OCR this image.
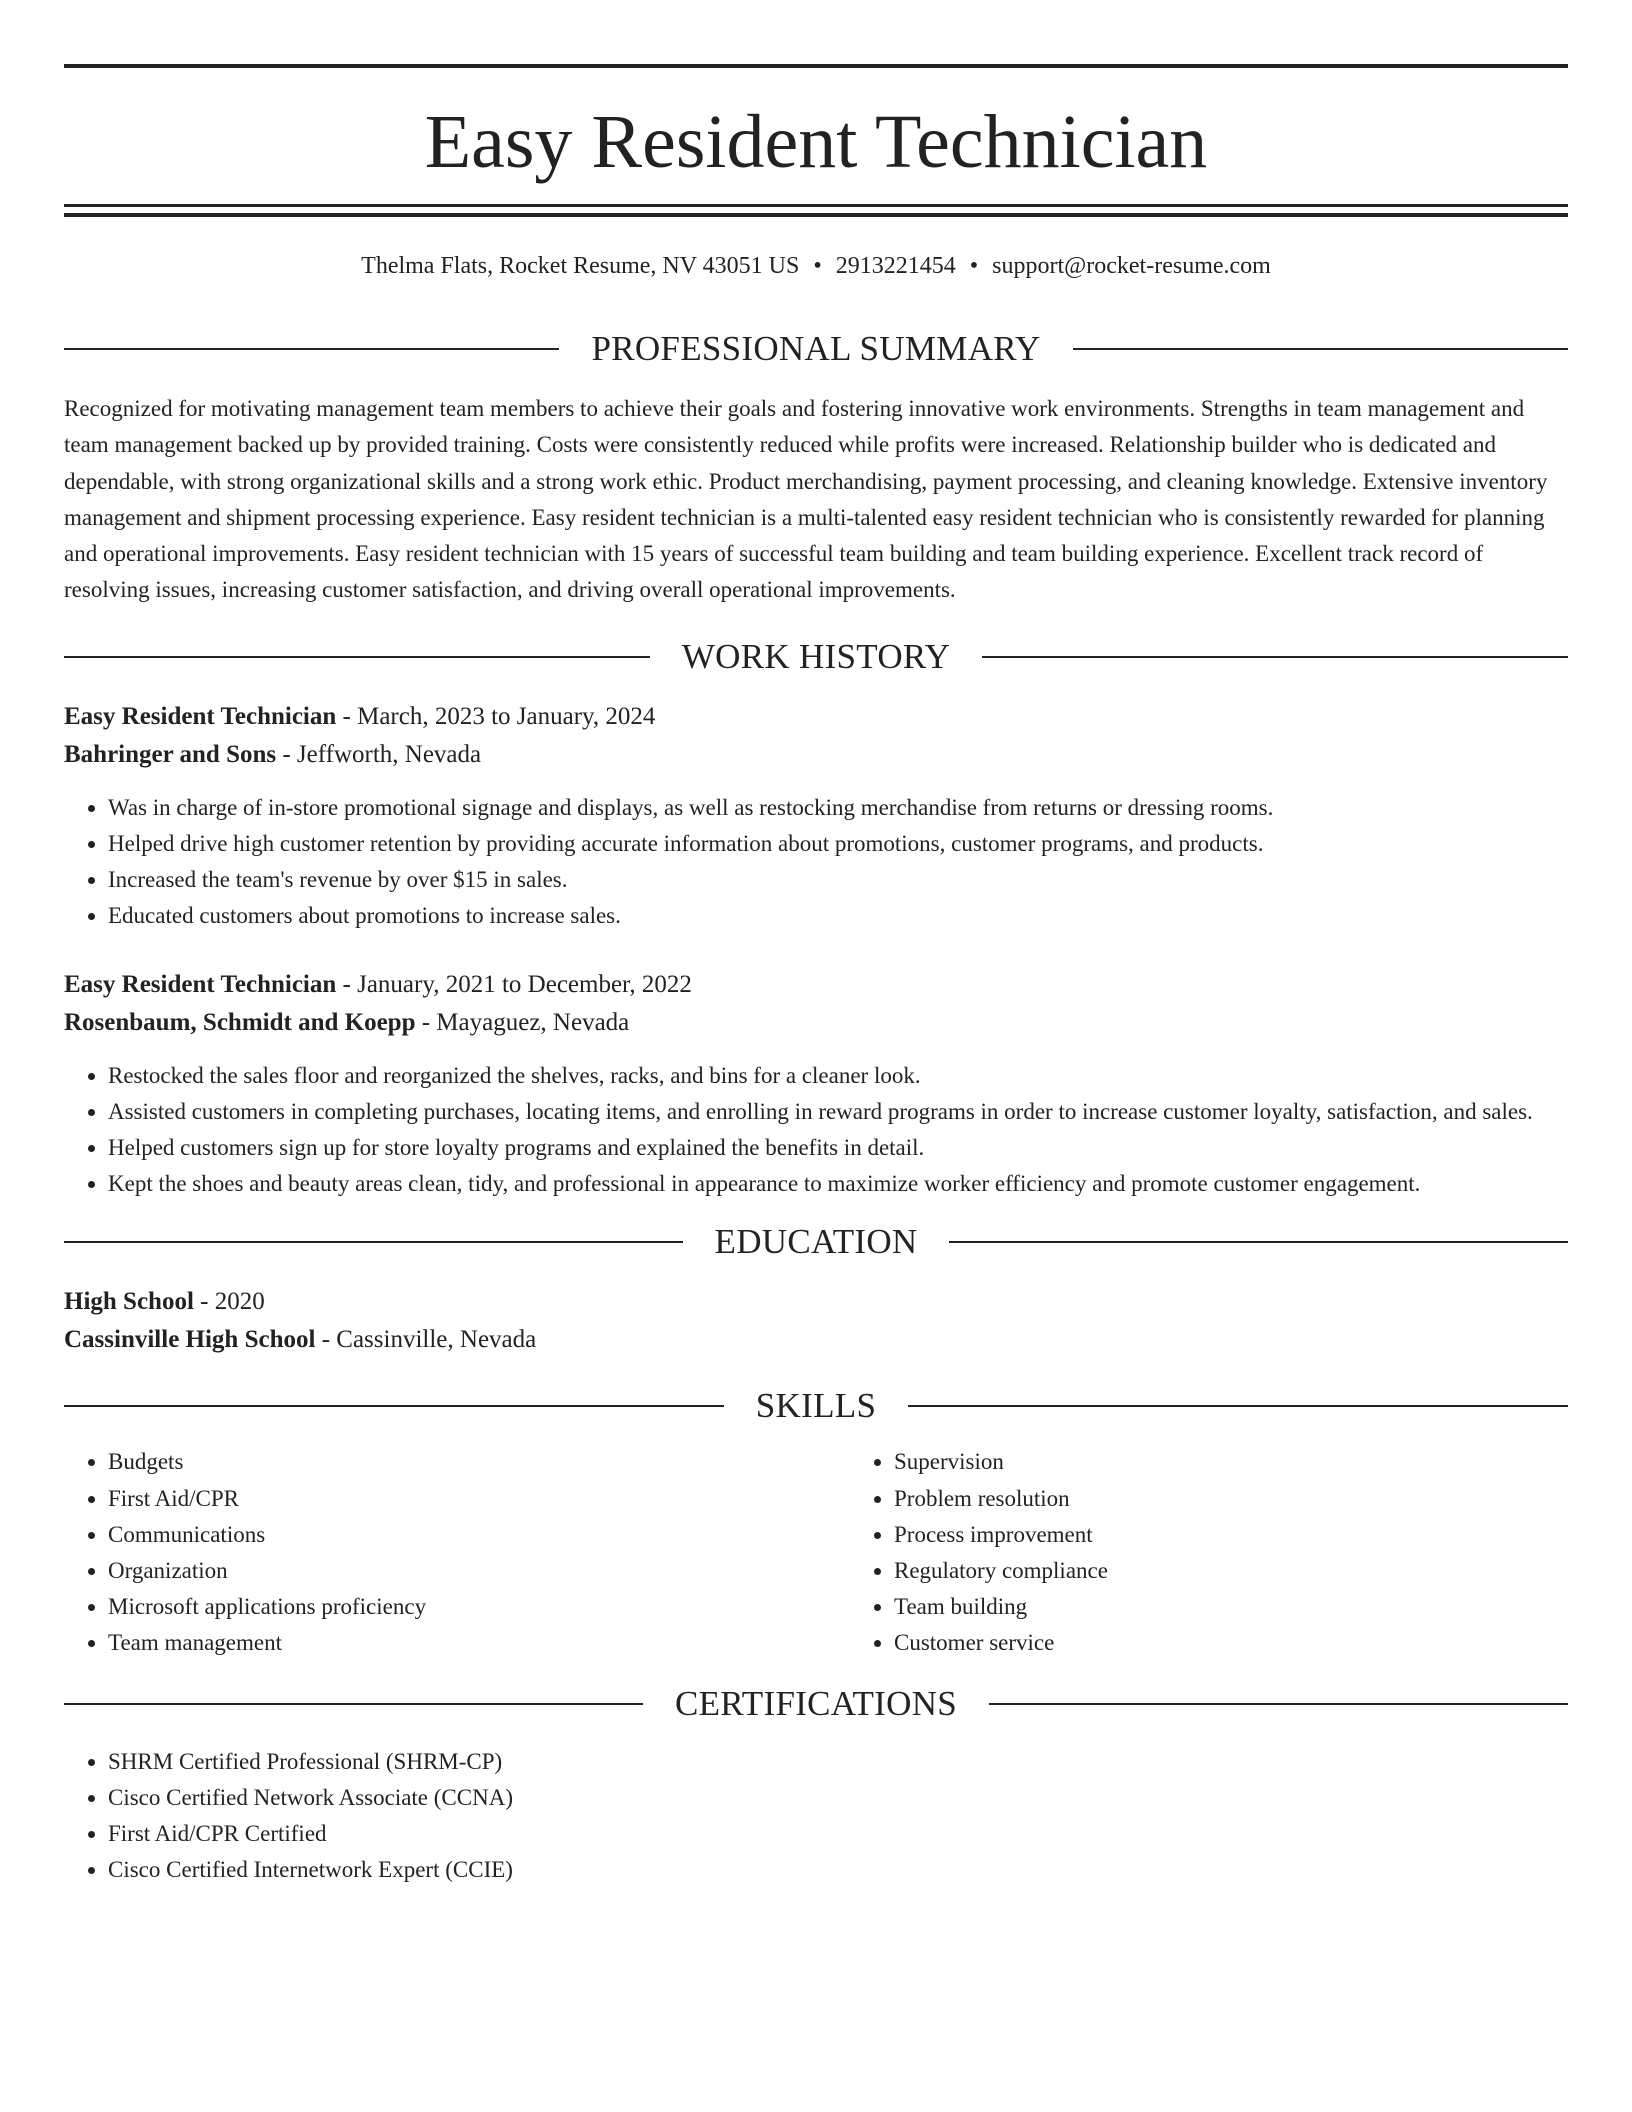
Easy Resident Technician
Thelma Flats, Rocket Resume, NV 43051 US • 2913221454 • support@rocket-resume.com
PROFESSIONAL SUMMARY

Recognized for motivating management team members to achieve their goals and fostering innovative work environments. Strengths in team management and team management backed up by provided training. Costs were consistently reduced while profits were increased. Relationship builder who is dedicated and dependable, with strong organizational skills and a strong work ethic. Product merchandising, payment processing, and cleaning knowledge. Extensive inventory management and shipment processing experience. Easy resident technician is a multi-talented easy resident technician who is consistently rewarded for planning and operational improvements. Easy resident technician with 15 years of successful team building and team building experience. Excellent track record of resolving issues, increasing customer satisfaction, and driving overall operational improvements.

WORK HISTORY
Easy Resident Technician - March, 2023 to January, 2024
Bahringer and Sons - Jeffworth, Nevada
• Was in charge of in-store promotional signage and displays, as well as restocking merchandise from returns or dressing rooms.
• Helped drive high customer retention by providing accurate information about promotions, customer programs, and products.
• Increased the team's revenue by over $15 in sales.
• Educated customers about promotions to increase sales.
Easy Resident Technician - January, 2021 to December, 2022
Rosenbaum, Schmidt and Koepp - Mayaguez, Nevada
• Restocked the sales floor and reorganized the shelves, racks, and bins for a cleaner look.
• Assisted customers in completing purchases, locating items, and enrolling in reward programs in order to increase customer loyalty, satisfaction, and sales.
• Helped customers sign up for store loyalty programs and explained the benefits in detail.
• Kept the shoes and beauty areas clean, tidy, and professional in appearance to maximize worker efficiency and promote customer engagement.
EDUCATION
High School - 2020
Cassinville High School - Cassinville, Nevada
SKILLS
• Budgets
• First Aid/CPR
• Communications
• Organization
• Microsoft applications proficiency
• Team management
• Supervision
• Problem resolution
• Process improvement
• Regulatory compliance
• Team building
• Customer service
CERTIFICATIONS
• SHRM Certified Professional (SHRM-CP)
• Cisco Certified Network Associate (CCNA)
• First Aid/CPR Certified
• Cisco Certified Internetwork Expert (CCIE)
